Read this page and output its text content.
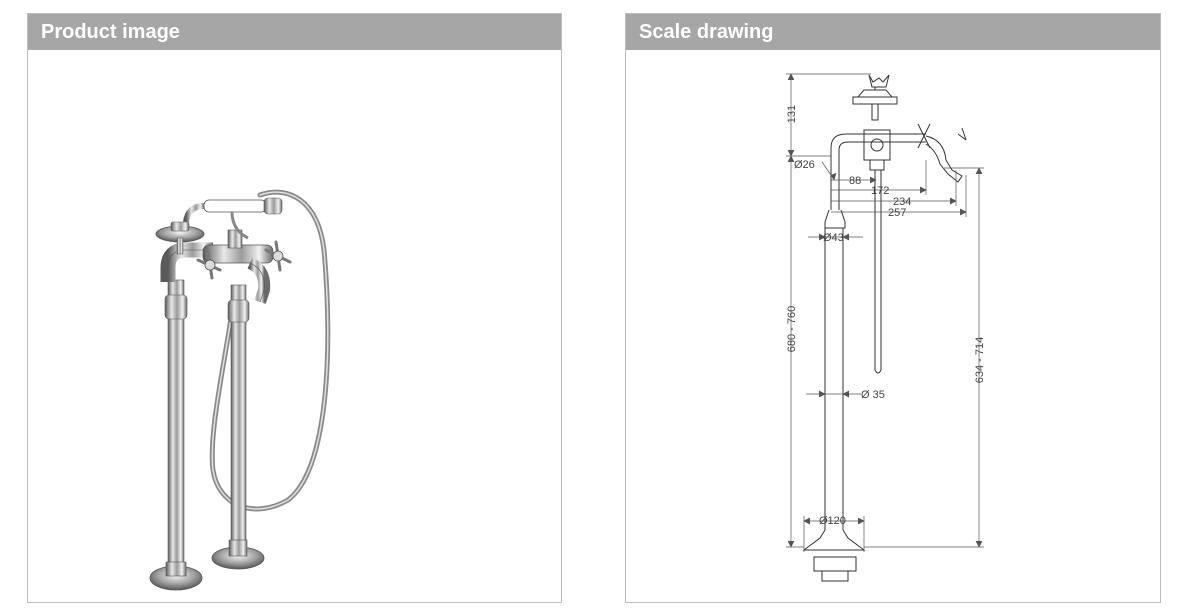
Product image	Scale drawing
131
Ø26
88
172
234
257
Ø43
680 - 760
Ø 35
634 - 714
Ø120
